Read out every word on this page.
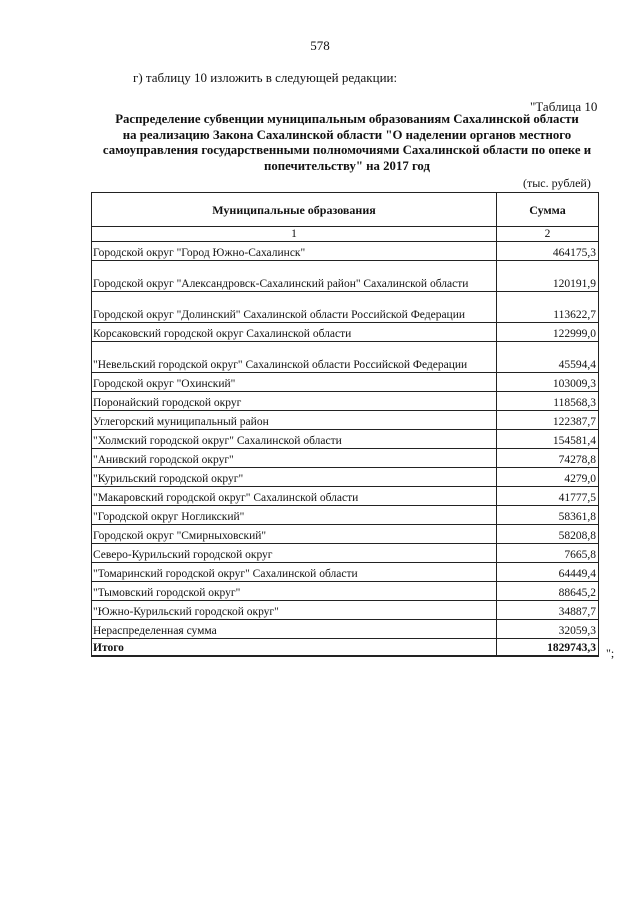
578
г) таблицу 10 изложить в следующей редакции:
"Таблица 10
Распределение субвенции муниципальным образованиям Сахалинской области
на реализацию Закона Сахалинской области "О наделении органов местного
самоуправления государственными полномочиями Сахалинской области по опеке и
попечительству" на 2017 год
(тыс. рублей)
Муниципальные образования	Сумма
1	2
Городской округ "Город Южно-Сахалинск"	464175,3
Городской округ "Александровск-Сахалинский район" Сахалинской области	120191,9
Городской округ "Долинский" Сахалинской области Российской Федерации	113622,7
Корсаковский городской округ Сахалинской области	122999,0
"Невельский городской округ" Сахалинской области Российской Федерации	45594,4
Городской округ "Охинский"	103009,3
Поронайский городской округ	118568,3
Углегорский муниципальный район	122387,7
"Холмский городской округ" Сахалинской области	154581,4
"Анивский городской округ"	74278,8
"Курильский городской округ"	4279,0
"Макаровский городской округ" Сахалинской области	41777,5
"Городской округ Ногликский"	58361,8
Городской округ "Смирныховский"	58208,8
Северо-Курильский городской округ	7665,8
"Томаринский городской округ" Сахалинской области	64449,4
"Тымовский городской округ"	88645,2
"Южно-Курильский городской округ"	34887,7
Нераспределенная сумма	32059,3
Итого	1829743,3 ";
